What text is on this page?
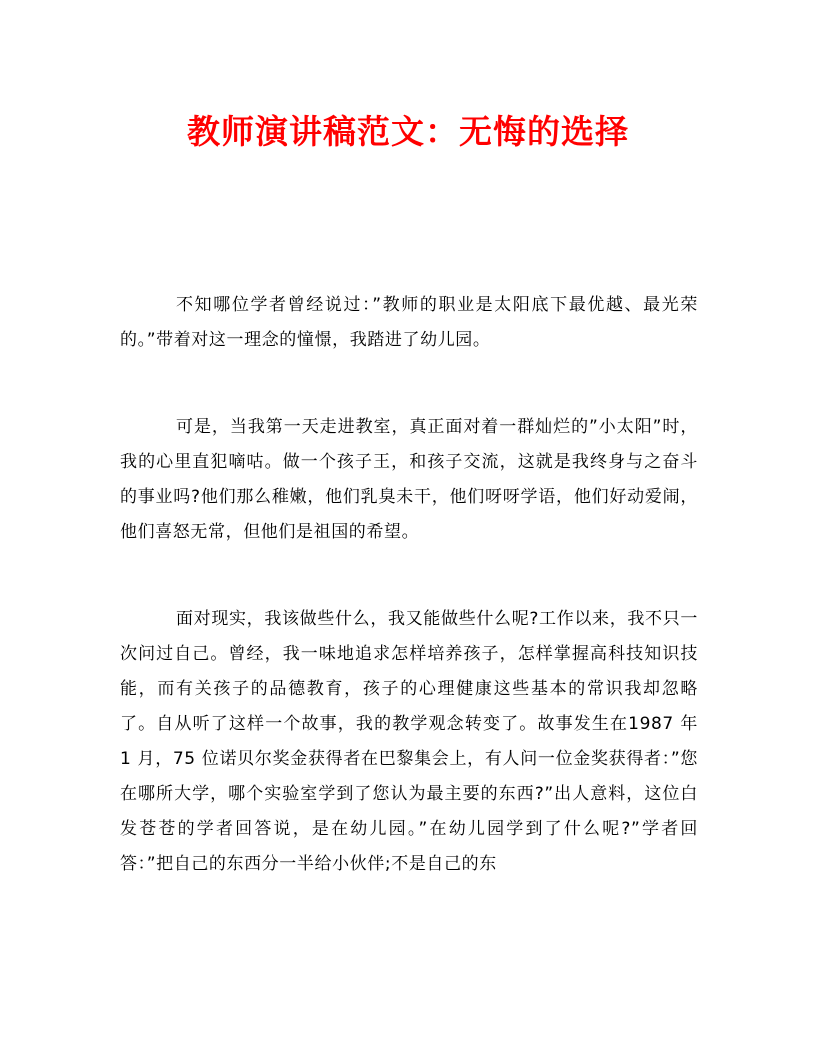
教师演讲稿范文：无悔的选择

不知哪位学者曾经说过：”教师的职业是太阳底下最优越、最光荣的。”带着对这一理念的憧憬，我踏进了幼儿园。

可是，当我第一天走进教室，真正面对着一群灿烂的”小太阳”时，我的心里直犯嘀咕。做一个孩子王，和孩子交流，这就是我终身与之奋斗的事业吗?他们那么稚嫩，他们乳臭未干，他们呀呀学语，他们好动爱闹，他们喜怒无常，但他们是祖国的希望。

面对现实，我该做些什么，我又能做些什么呢?工作以来，我不只一次问过自己。曾经，我一味地追求怎样培养孩子，怎样掌握高科技知识技能，而有关孩子的品德教育，孩子的心理健康这些基本的常识我却忽略了。自从听了这样一个故事，我的教学观念转变了。故事发生在1987 年 1 月，75 位诺贝尔奖金获得者在巴黎集会上，有人问一位金奖获得者：”您在哪所大学，哪个实验室学到了您认为最主要的东西?”出人意料，这位白发苍苍的学者回答说，是在幼儿园。”在幼儿园学到了什么呢?”学者回答：”把自己的东西分一半给小伙伴;不是自己的东
